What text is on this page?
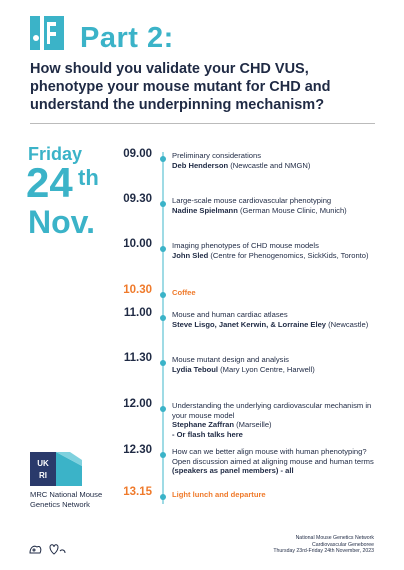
Part 2:
How should you validate your CHD VUS, phenotype your mouse mutant for CHD and understand the underpinning mechanism?
Friday
24 th
Nov.
09.00	Preliminary considerations
Deb Henderson (Newcastle and NMGN)
09.30	Large-scale mouse cardiovascular phenotyping
Nadine Spielmann (German Mouse Clinic, Munich)
10.00	Imaging phenotypes of CHD mouse models
John Sled (Centre for Phenogenomics, SickKids, Toronto)
10.30	Coffee
11.00	Mouse and human cardiac atlases
Steve Lisgo, Janet Kerwin, & Lorraine Eley (Newcastle)
11.30	Mouse mutant design and analysis
Lydia Teboul (Mary Lyon Centre, Harwell)
12.00	Understanding the underlying cardiovascular mechanism in your mouse model
Stephane Zaffran (Marseille)
- Or flash talks here
12.30	How can we better align mouse with human phenotyping? Open discussion aimed at aligning mouse and human terms
(speakers as panel members) - all
13.15	Light lunch and departure
UK
RI
MRC National Mouse
Genetics Network
National Mouse Genetics Network
Cardiovascular Geneboree
Thursday 23rd-Friday 24th November, 2023
